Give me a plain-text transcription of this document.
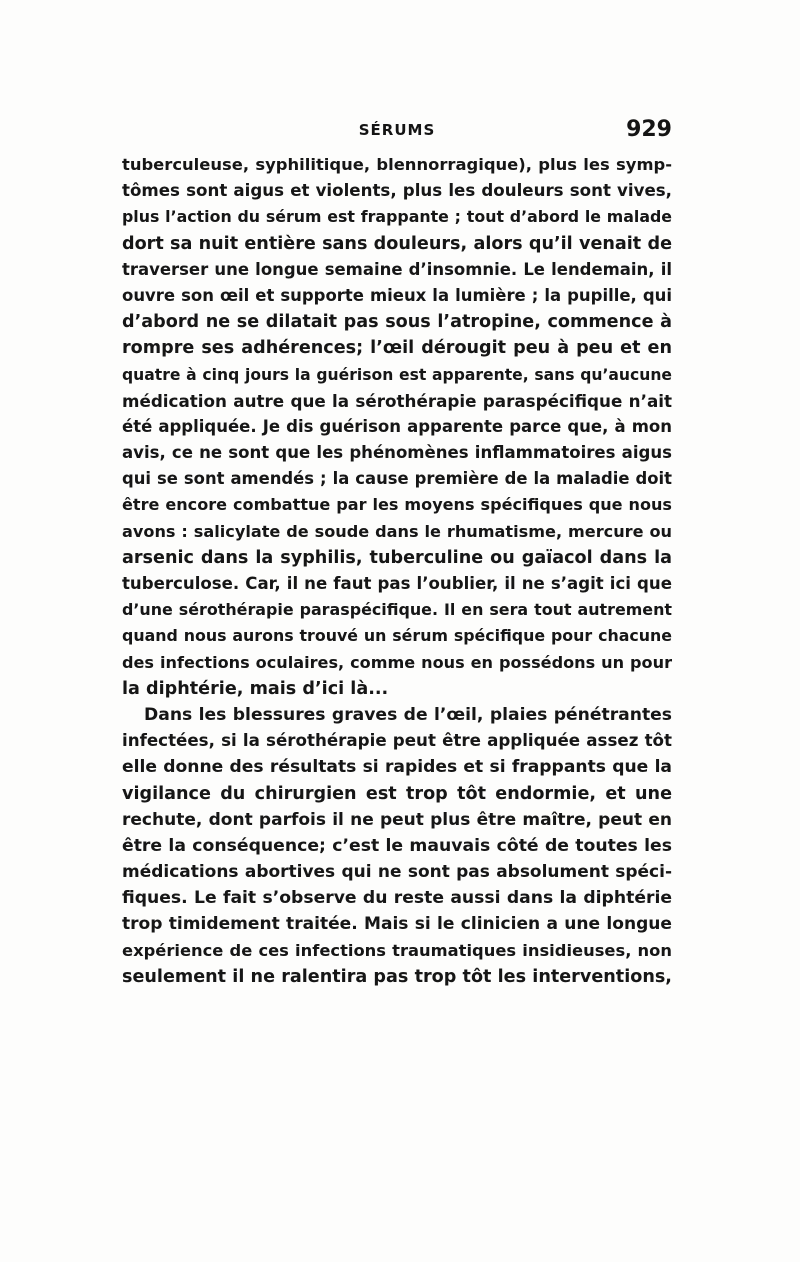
SÉRUMS	929
tuberculeuse, syphilitique, blennorragique), plus les symp-
tômes sont aigus et violents, plus les douleurs sont vives,
plus l’action du sérum est frappante ; tout d’abord le malade
dort sa nuit entière sans douleurs, alors qu’il venait de
traverser une longue semaine d’insomnie. Le lendemain, il
ouvre son œil et supporte mieux la lumière ; la pupille, qui
d’abord ne se dilatait pas sous l’atropine, commence à
rompre ses adhérences; l’œil dérougit peu à peu et en
quatre à cinq jours la guérison est apparente, sans qu’aucune
médication autre que la sérothérapie paraspécifique n’ait
été appliquée. Je dis guérison apparente parce que, à mon
avis, ce ne sont que les phénomènes inflammatoires aigus
qui se sont amendés ; la cause première de la maladie doit
être encore combattue par les moyens spécifiques que nous
avons : salicylate de soude dans le rhumatisme, mercure ou
arsenic dans la syphilis, tuberculine ou gaïacol dans la
tuberculose. Car, il ne faut pas l’oublier, il ne s’agit ici que
d’une sérothérapie paraspécifique. Il en sera tout autrement
quand nous aurons trouvé un sérum spécifique pour chacune
des infections oculaires, comme nous en possédons un pour
la diphtérie, mais d’ici là...
Dans les blessures graves de l’œil, plaies pénétrantes
infectées, si la sérothérapie peut être appliquée assez tôt
elle donne des résultats si rapides et si frappants que la
vigilance du chirurgien est trop tôt endormie, et une
rechute, dont parfois il ne peut plus être maître, peut en
être la conséquence; c’est le mauvais côté de toutes les
médications abortives qui ne sont pas absolument spéci-
fiques. Le fait s’observe du reste aussi dans la diphtérie
trop timidement traitée. Mais si le clinicien a une longue
expérience de ces infections traumatiques insidieuses, non
seulement il ne ralentira pas trop tôt les interventions,
